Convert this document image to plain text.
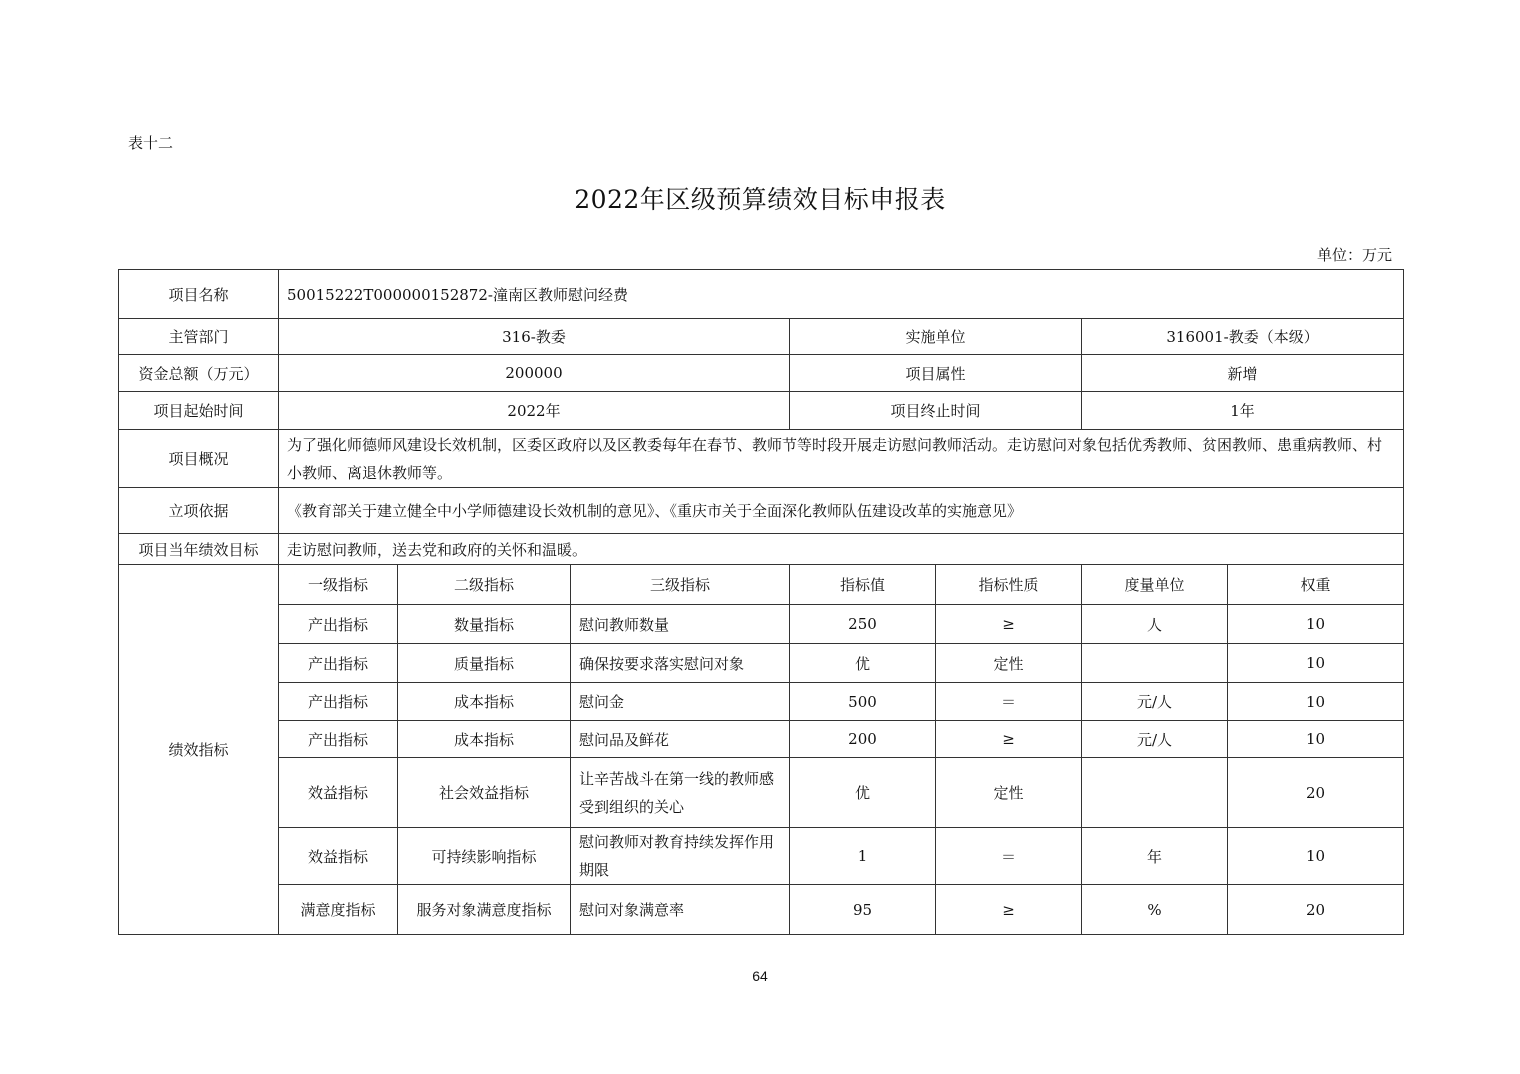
表十二
2022年区级预算绩效目标申报表
单位：万元
项目名称	50015222T000000152872-潼南区教师慰问经费						
主管部门	316-教委			实施单位		316001-教委（本级）	
资金总额（万元）	200000			项目属性		新增	
项目起始时间	2022年			项目终止时间		1年	
项目概况	为了强化师德师风建设长效机制，区委区政府以及区教委每年在春节、教师节等时段开展走访慰问教师活动。走访慰问对象包括优秀教师、贫困教师、患重病教师、村小教师、离退休教师等。						
立项依据	《教育部关于建立健全中小学师德建设长效机制的意见》、《重庆市关于全面深化教师队伍建设改革的实施意见》						
项目当年绩效目标	走访慰问教师，送去党和政府的关怀和温暖。						
绩效指标	一级指标	二级指标	三级指标	指标值	指标性质	度量单位	权重
	产出指标	数量指标	慰问教师数量	250	≥	人	10
	产出指标	质量指标	确保按要求落实慰问对象	优	定性		10
	产出指标	成本指标	慰问金	500	＝	元/人	10
	产出指标	成本指标	慰问品及鲜花	200	≥	元/人	10
	效益指标	社会效益指标	让辛苦战斗在第一线的教师感受到组织的关心	优	定性		20
	效益指标	可持续影响指标	慰问教师对教育持续发挥作用期限	1	＝	年	10
	满意度指标	服务对象满意度指标	慰问对象满意率	95	≥	%	20
64
